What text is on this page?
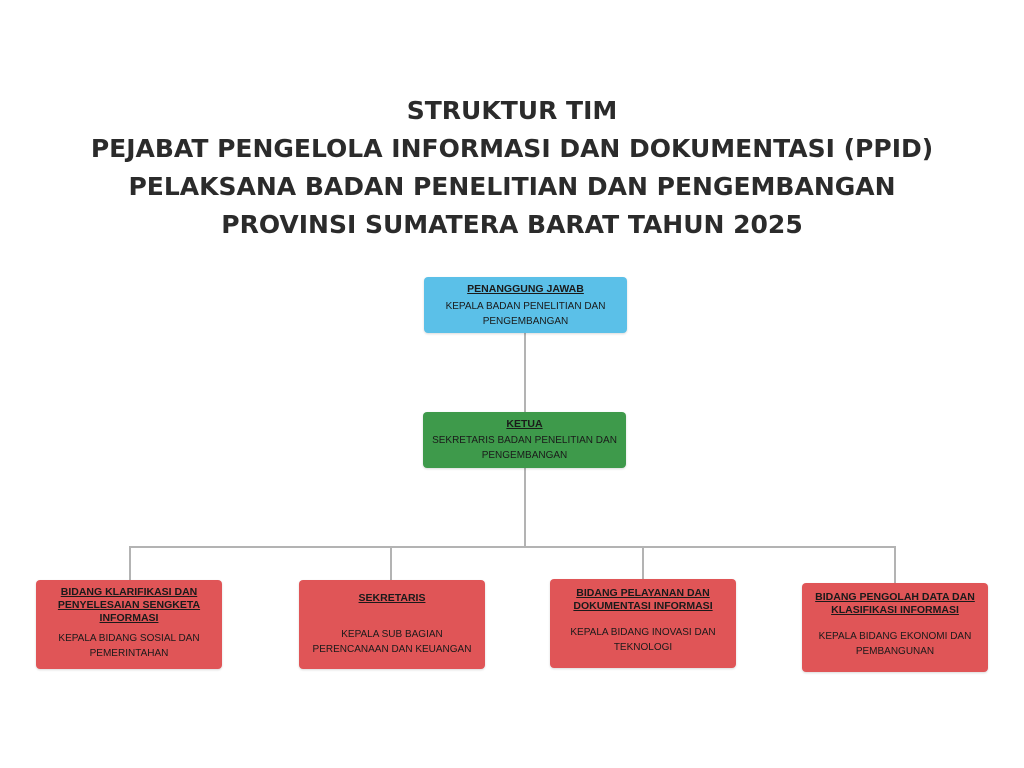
STRUKTUR TIM
PEJABAT PENGELOLA INFORMASI DAN DOKUMENTASI (PPID)
PELAKSANA BADAN PENELITIAN DAN PENGEMBANGAN
PROVINSI SUMATERA BARAT TAHUN 2025
PENANGGUNG JAWAB
KEPALA BADAN PENELITIAN DAN PENGEMBANGAN
KETUA
SEKRETARIS BADAN PENELITIAN DAN PENGEMBANGAN
BIDANG KLARIFIKASI DAN PENYELESAIAN SENGKETA INFORMASI
KEPALA BIDANG SOSIAL DAN PEMERINTAHAN
SEKRETARIS
KEPALA SUB BAGIAN PERENCANAAN DAN KEUANGAN
BIDANG PELAYANAN DAN DOKUMENTASI INFORMASI
KEPALA BIDANG INOVASI DAN TEKNOLOGI
BIDANG PENGOLAH DATA DAN KLASIFIKASI INFORMASI
KEPALA BIDANG EKONOMI DAN PEMBANGUNAN
